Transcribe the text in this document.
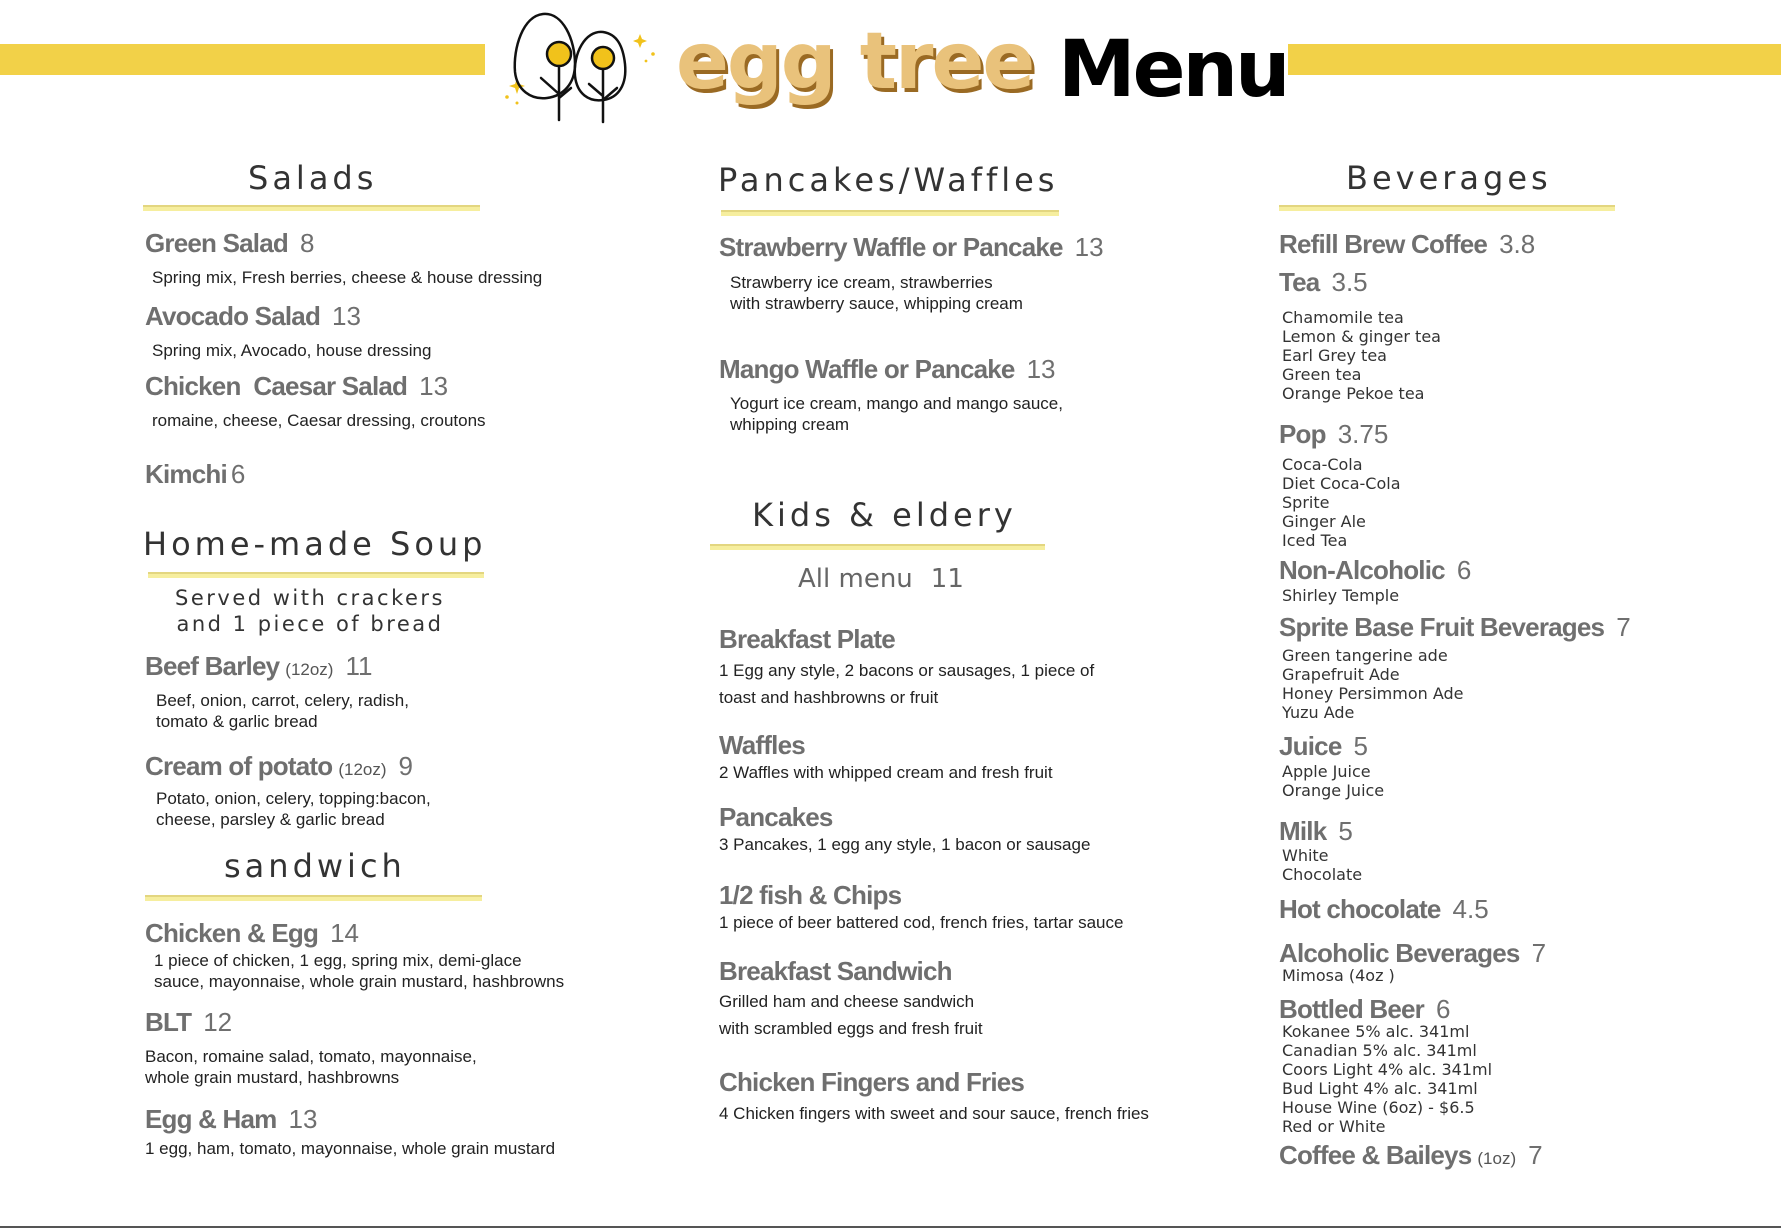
egg tree Menu
Salads
Green Salad 8
Spring mix, Fresh berries, cheese & house dressing
Avocado Salad 13
Spring mix, Avocado, house dressing
Chicken  Caesar Salad 13
romaine, cheese, Caesar dressing, croutons
Kimchi 6
Home-made Soup
Served with crackers
and 1 piece of bread
Beef Barley (12oz) 11
Beef, onion, carrot, celery, radish,
tomato & garlic bread
Cream of potato (12oz) 9
Potato, onion, celery, topping:bacon,
cheese, parsley & garlic bread
sandwich
Chicken & Egg 14
1 piece of chicken, 1 egg, spring mix, demi-glace
sauce, mayonnaise, whole grain mustard, hashbrowns
BLT 12
Bacon, romaine salad, tomato, mayonnaise,
whole grain mustard, hashbrowns
Egg & Ham 13
1 egg, ham, tomato, mayonnaise, whole grain mustard
Pancakes/Waffles
Strawberry Waffle or Pancake 13
Strawberry ice cream, strawberries
with strawberry sauce, whipping cream
Mango Waffle or Pancake 13
Yogurt ice cream, mango and mango sauce,
whipping cream
Kids & eldery
All menu 11
Breakfast Plate
1 Egg any style, 2 bacons or sausages, 1 piece of
toast and hashbrowns or fruit
Waffles
2 Waffles with whipped cream and fresh fruit
Pancakes
3 Pancakes, 1 egg any style, 1 bacon or sausage
1/2 fish & Chips
1 piece of beer battered cod, french fries, tartar sauce
Breakfast Sandwich
Grilled ham and cheese sandwich
with scrambled eggs and fresh fruit
Chicken Fingers and Fries
4 Chicken fingers with sweet and sour sauce, french fries
Beverages
Refill Brew Coffee 3.8
Tea 3.5
Chamomile tea
Lemon & ginger tea
Earl Grey tea
Green tea
Orange Pekoe tea
Pop 3.75
Coca-Cola
Diet Coca-Cola
Sprite
Ginger Ale
Iced Tea
Non-Alcoholic 6
Shirley Temple
Sprite Base Fruit Beverages 7
Green tangerine ade
Grapefruit Ade
Honey Persimmon Ade
Yuzu Ade
Juice 5
Apple Juice
Orange Juice
Milk 5
White
Chocolate
Hot chocolate 4.5
Alcoholic Beverages 7
Mimosa (4oz )
Bottled Beer 6
Kokanee 5% alc. 341ml
Canadian 5% alc. 341ml
Coors Light 4% alc. 341ml
Bud Light 4% alc. 341ml
House Wine (6oz) - $6.5
Red or White
Coffee & Baileys (1oz) 7
